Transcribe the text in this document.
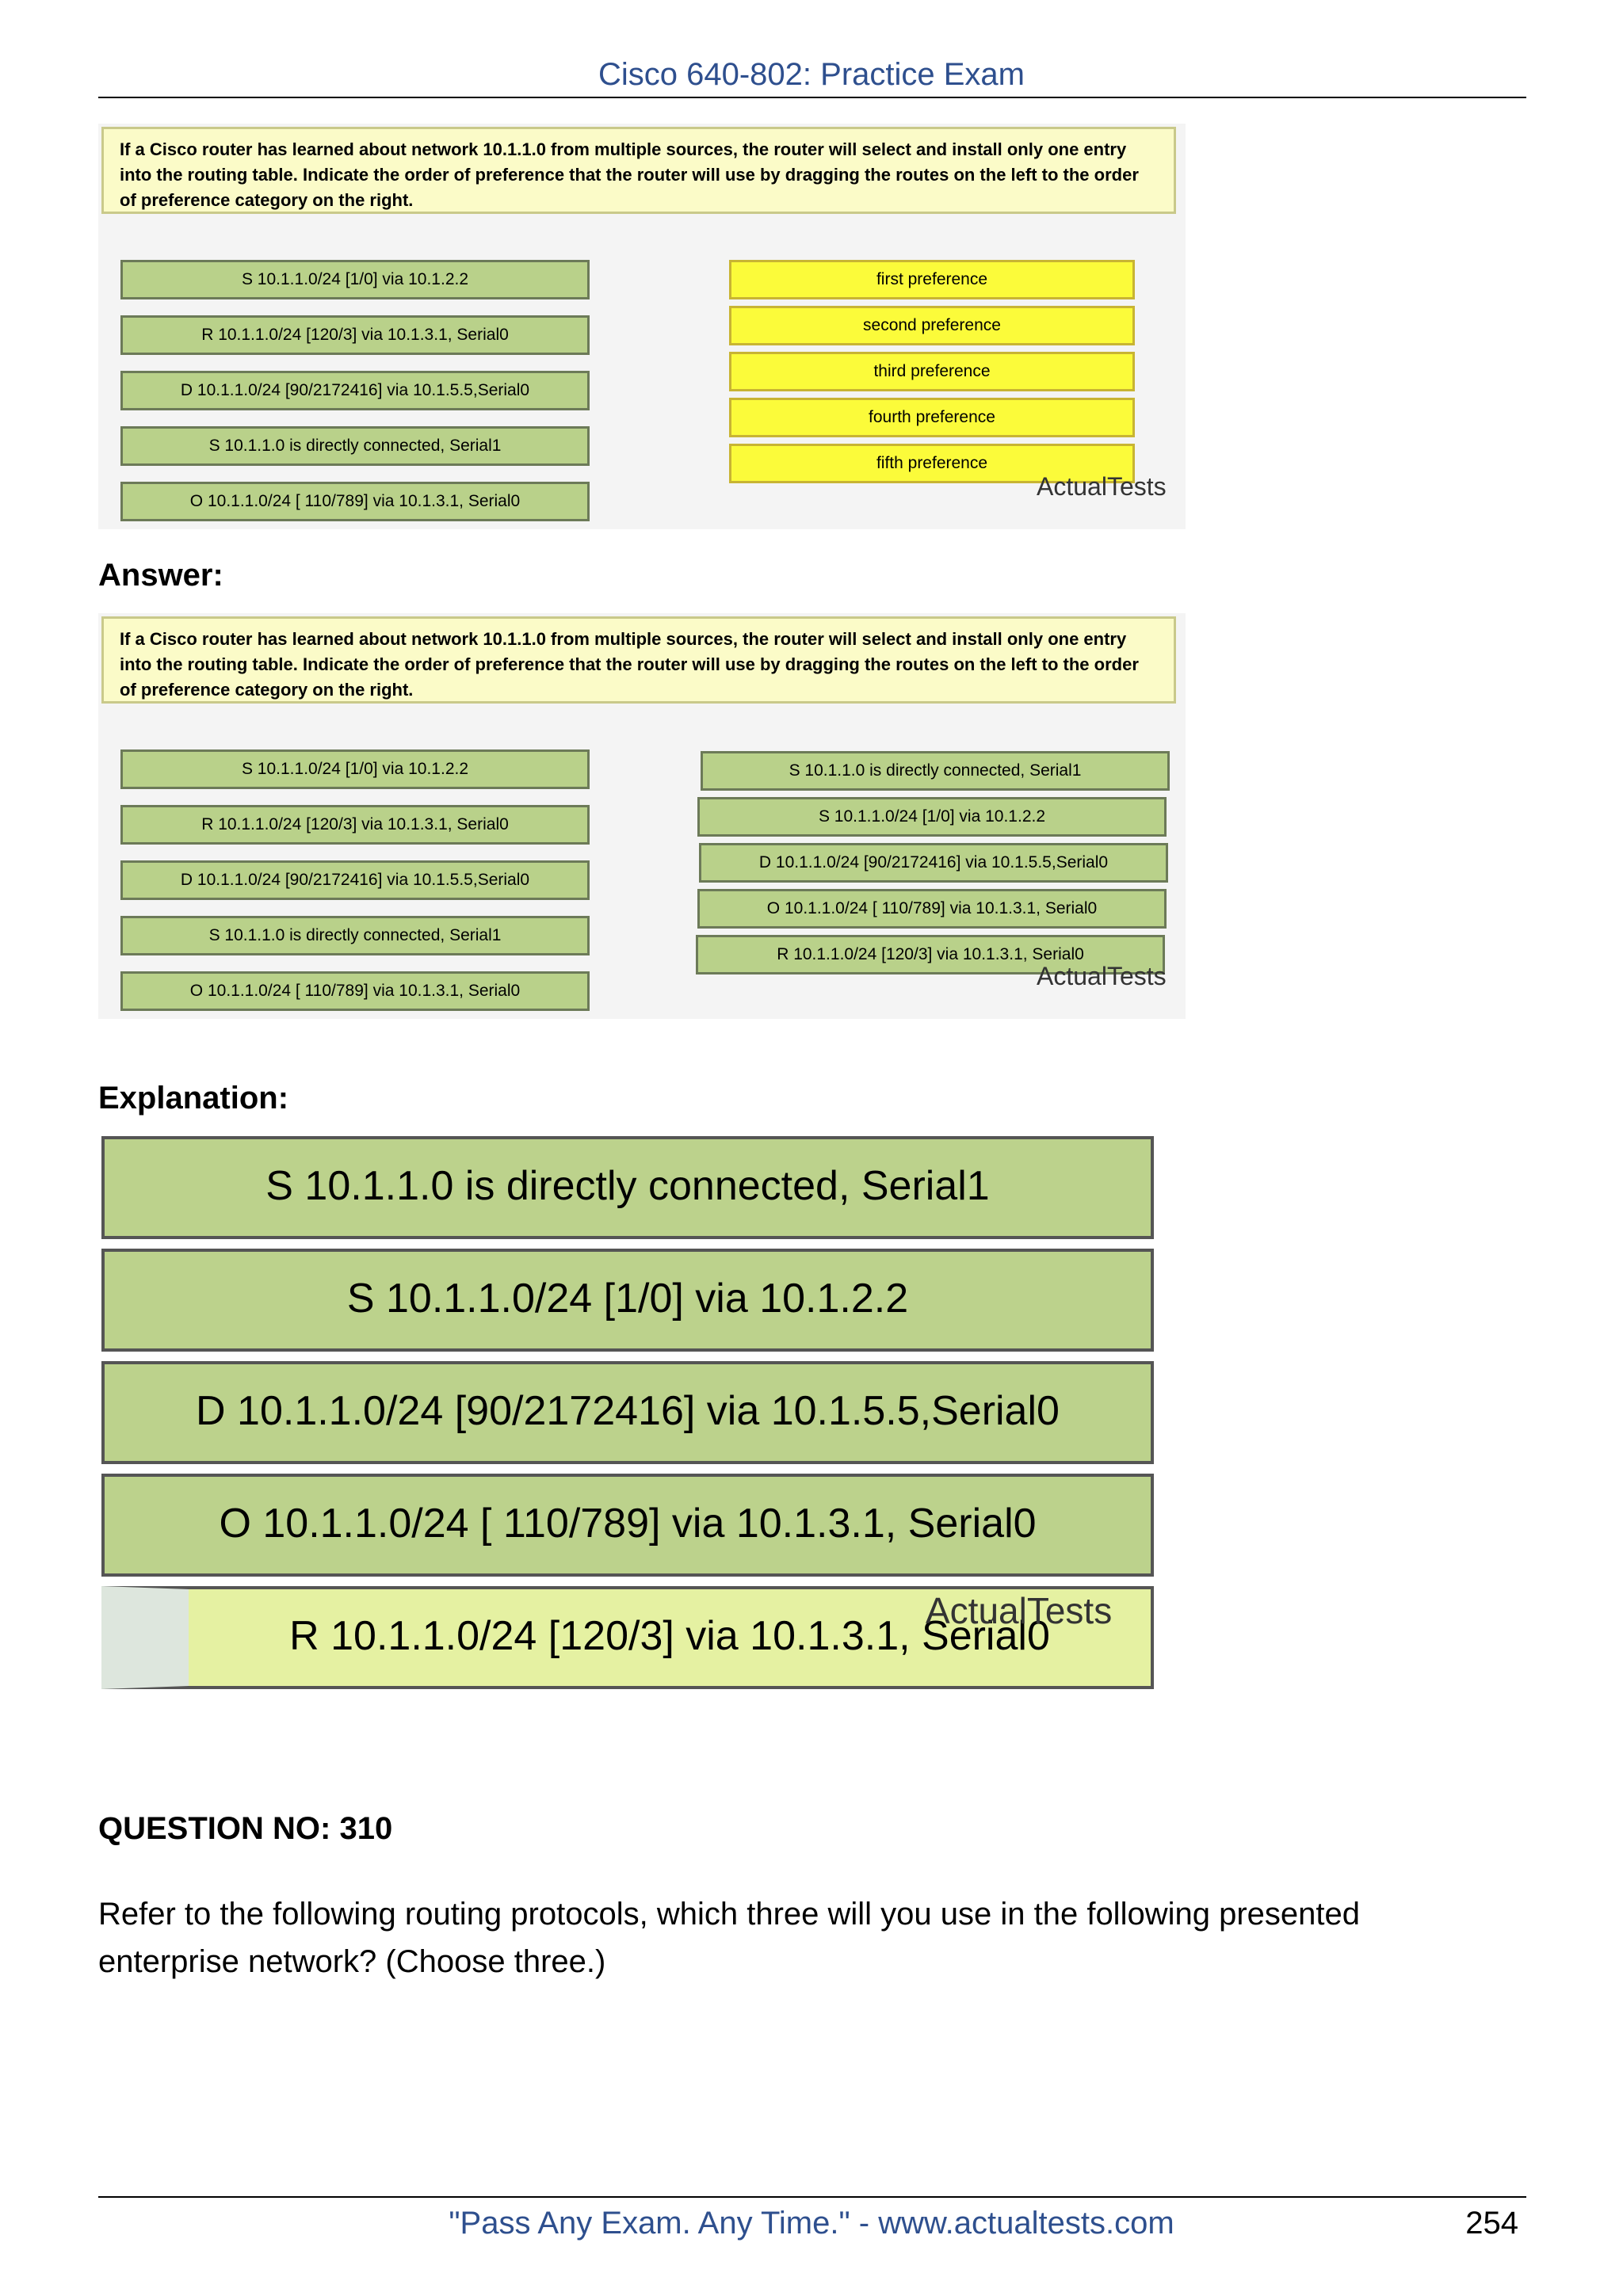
Cisco 640-802: Practice Exam
If a Cisco router has learned about network 10.1.1.0 from multiple sources, the router will select and install only one entry into the routing table. Indicate the order of preference that the router will use by dragging the routes on the left to the order of preference category on the right.
S 10.1.1.0/24 [1/0] via 10.1.2.2
R 10.1.1.0/24 [120/3] via 10.1.3.1, Serial0
D 10.1.1.0/24 [90/2172416] via 10.1.5.5,Serial0
S 10.1.1.0 is directly connected, Serial1
O 10.1.1.0/24 [ 110/789] via 10.1.3.1, Serial0
first preference
second preference
third preference
fourth preference
fifth preference
ActualTests
Answer:
If a Cisco router has learned about network 10.1.1.0 from multiple sources, the router will select and install only one entry into the routing table. Indicate the order of preference that the router will use by dragging the routes on the left to the order of preference category on the right.
S 10.1.1.0/24 [1/0] via 10.1.2.2
R 10.1.1.0/24 [120/3] via 10.1.3.1, Serial0
D 10.1.1.0/24 [90/2172416] via 10.1.5.5,Serial0
S 10.1.1.0 is directly connected, Serial1
O 10.1.1.0/24 [ 110/789] via 10.1.3.1, Serial0
S 10.1.1.0 is directly connected, Serial1
S 10.1.1.0/24 [1/0] via 10.1.2.2
D 10.1.1.0/24 [90/2172416] via 10.1.5.5,Serial0
O 10.1.1.0/24 [ 110/789] via 10.1.3.1, Serial0
R 10.1.1.0/24 [120/3] via 10.1.3.1, Serial0
ActualTests
Explanation:
S 10.1.1.0 is directly connected, Serial1
S 10.1.1.0/24 [1/0] via 10.1.2.2
D 10.1.1.0/24 [90/2172416] via 10.1.5.5,Serial0
O 10.1.1.0/24 [ 110/789] via 10.1.3.1, Serial0
R 10.1.1.0/24 [120/3] via 10.1.3.1, Serial0
ActualTests
QUESTION NO: 310
Refer to the following routing protocols, which three will you use in the following presented enterprise network? (Choose three.)
"Pass Any Exam. Any Time." - www.actualtests.com	254
